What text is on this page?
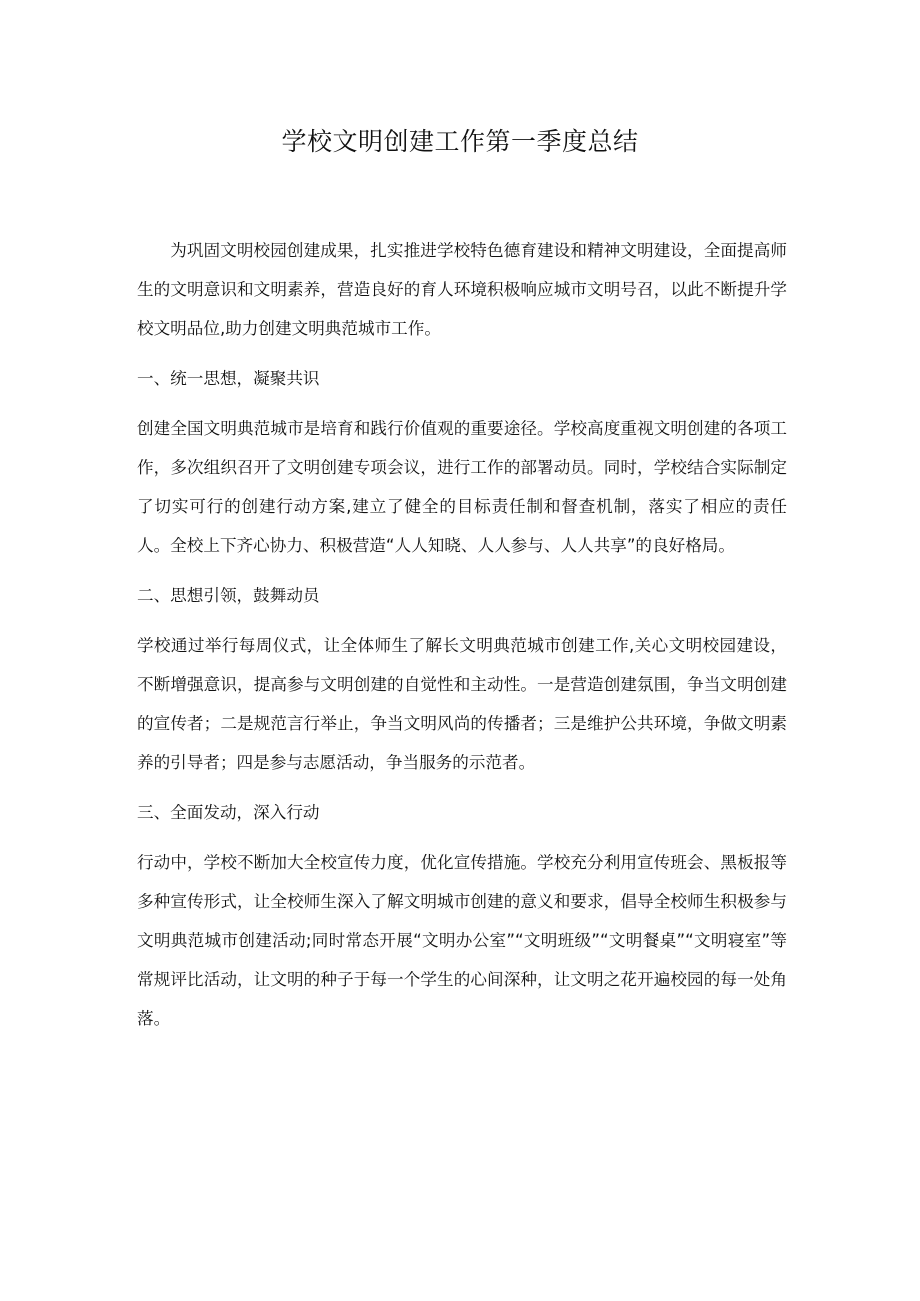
学校文明创建工作第一季度总结

为巩固文明校园创建成果，扎实推进学校特色德育建设和精神文明建设，全面提高师生的文明意识和文明素养，营造良好的育人环境积极响应城市文明号召，以此不断提升学校文明品位,助力创建文明典范城市工作。

一、统一思想，凝聚共识

创建全国文明典范城市是培育和践行价值观的重要途径。学校高度重视文明创建的各项工作，多次组织召开了文明创建专项会议，进行工作的部署动员。同时，学校结合实际制定了切实可行的创建行动方案,建立了健全的目标责任制和督查机制，落实了相应的责任人。全校上下齐心协力、积极营造“人人知晓、人人参与、人人共享”的良好格局。

二、思想引领，鼓舞动员

学校通过举行每周仪式，让全体师生了解长文明典范城市创建工作,关心文明校园建设，不断增强意识，提高参与文明创建的自觉性和主动性。一是营造创建氛围，争当文明创建的宣传者；二是规范言行举止，争当文明风尚的传播者；三是维护公共环境，争做文明素养的引导者；四是参与志愿活动，争当服务的示范者。

三、全面发动，深入行动

行动中，学校不断加大全校宣传力度，优化宣传措施。学校充分利用宣传班会、黑板报等多种宣传形式，让全校师生深入了解文明城市创建的意义和要求，倡导全校师生积极参与文明典范城市创建活动;同时常态开展“文明办公室”“文明班级”“文明餐桌”“文明寝室”等常规评比活动，让文明的种子于每一个学生的心间深种，让文明之花开遍校园的每一处角落。
